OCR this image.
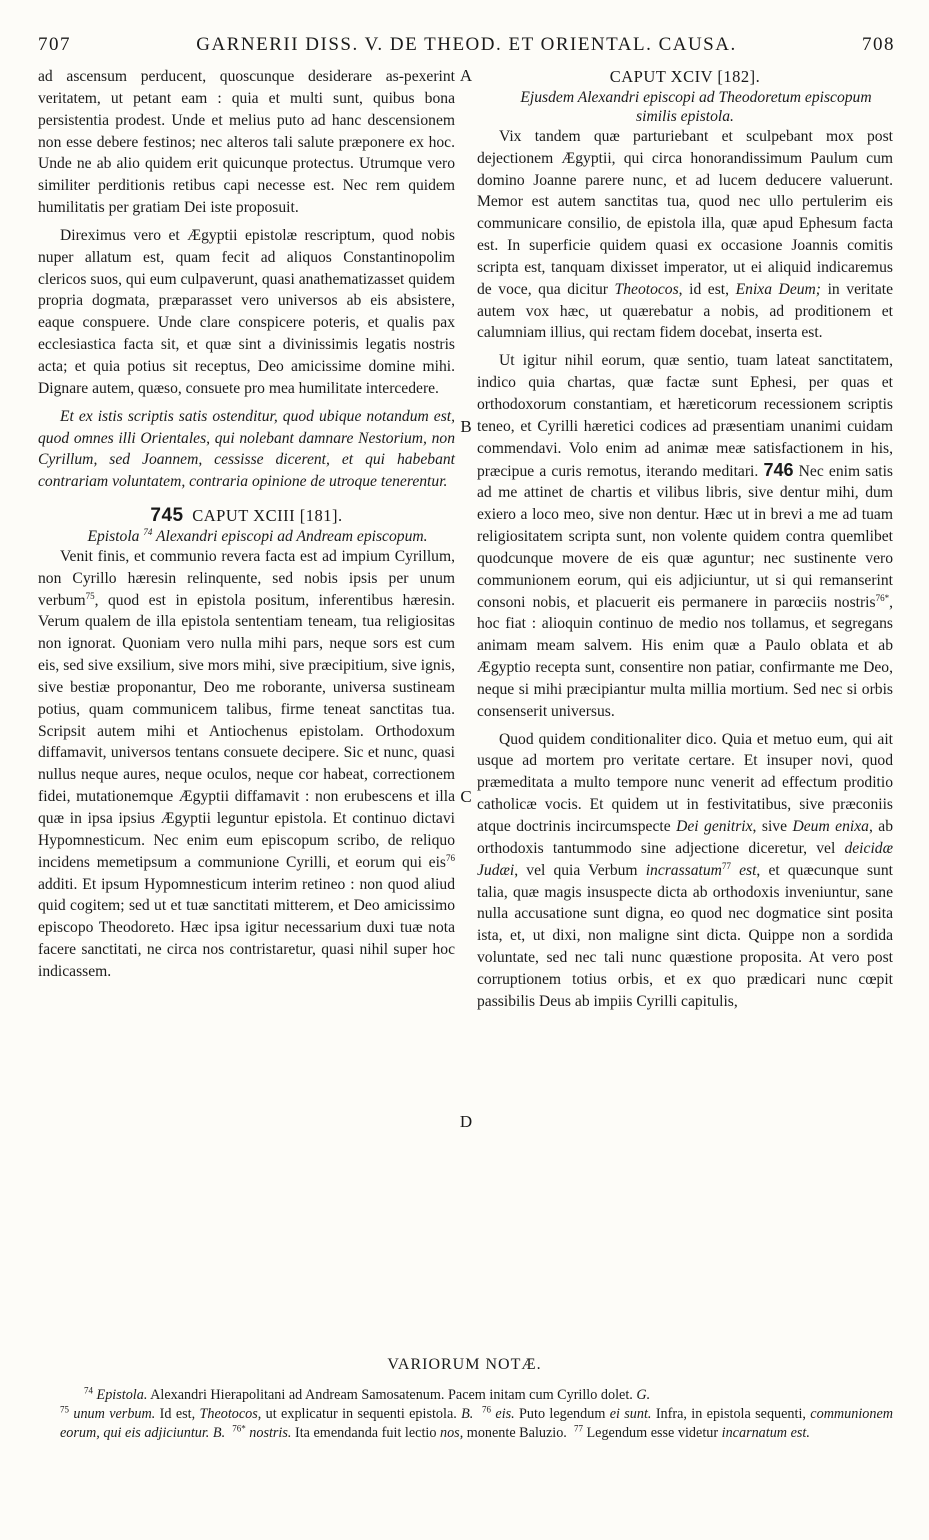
707	GARNERII DISS. V. DE THEOD. ET ORIENTAL. CAUSA.	708
A
B
C
D

ad ascensum perducent, quoscunque desiderare as-pexerint veritatem, ut petant eam : quia et multi sunt, quibus bona persistentia prodest. Unde et melius puto ad hanc descensionem non esse debere festinos; nec alteros tali salute præponere ex hoc. Unde ne ab alio quidem erit quicunque protectus. Utrumque vero similiter perditionis retibus capi necesse est. Nec rem quidem humilitatis per gratiam Dei iste proposuit.

Direximus vero et Ægyptii epistolæ rescriptum, quod nobis nuper allatum est, quam fecit ad aliquos Constantinopolim clericos suos, qui eum culpaverunt, quasi anathematizasset quidem propria dogmata, præparasset vero universos ab eis absistere, eaque conspuere. Unde clare conspicere poteris, et qualis pax ecclesiastica facta sit, et quæ sint a divinissimis legatis nostris acta; et quia potius sit receptus, Deo amicissime domine mihi. Dignare autem, quæso, consuete pro mea humilitate intercedere.

Et ex istis scriptis satis ostenditur, quod ubique notandum est, quod omnes illi Orientales, qui nolebant damnare Nestorium, non Cyrillum, sed Joannem, cessisse dicerent, et qui habebant contrariam voluntatem, contraria opinione de utroque tenerentur.

745 CAPUT XCIII [181].

Epistola $^{74}$ Alexandri episcopi ad Andream episcopum.

Venit finis, et communio revera facta est ad impium Cyrillum, non Cyrillo hæresin relinquente, sed nobis ipsis per unum verbum$^{75}$, quod est in epistola positum, inferentibus hæresin. Verum qualem de illa epistola sententiam teneam, tua religiositas non ignorat. Quoniam vero nulla mihi pars, neque sors est cum eis, sed sive exsilium, sive mors mihi, sive præcipitium, sive ignis, sive bestiæ proponantur, Deo me roborante, universa sustineam potius, quam communicem talibus, firme teneat sanctitas tua. Scripsit autem mihi et Antiochenus epistolam. Orthodoxum diffamavit, universos tentans consuete decipere. Sic et nunc, quasi nullus neque aures, neque oculos, neque cor habeat, correctionem fidei, mutationemque Ægyptii diffamavit : non erubescens et illa quæ in ipsa ipsius Ægyptii leguntur epistola. Et continuo dictavi Hypomnesticum. Nec enim eum episcopum scribo, de reliquo incidens memetipsum a communione Cyrilli, et eorum qui eis$^{76}$ additi. Et ipsum Hypomnesticum interim retineo : non quod aliud quid cogitem; sed ut et tuæ sanctitati mitterem, et Deo amicissimo episcopo Theodoreto. Hæc ipsa igitur necessarium duxi tuæ nota facere sanctitati, ne circa nos contristaretur, quasi nihil super hoc indicassem.

CAPUT XCIV [182].

Ejusdem Alexandri episcopi ad Theodoretum episcopum similis epistola.

Vix tandem quæ parturiebant et sculpebant mox post dejectionem Ægyptii, qui circa honorandissimum Paulum cum domino Joanne parere nunc, et ad lucem deducere valuerunt. Memor est autem sanctitas tua, quod nec ullo pertulerim eis communicare consilio, de epistola illa, quæ apud Ephesum facta est. In superficie quidem quasi ex occasione Joannis comitis scripta est, tanquam dixisset imperator, ut ei aliquid indicaremus de voce, qua dicitur Theotocos, id est, Enixa Deum; in veritate autem vox hæc, ut quærebatur a nobis, ad proditionem et calumniam illius, qui rectam fidem docebat, inserta est.

Ut igitur nihil eorum, quæ sentio, tuam lateat sanctitatem, indico quia chartas, quæ factæ sunt Ephesi, per quas et orthodoxorum constantiam, et hæreticorum recessionem scriptis teneo, et Cyrilli hæretici codices ad præsentiam unanimi cuidam commendavi. Volo enim ad animæ meæ satisfactionem in his, præcipue a curis remotus, iterando meditari. 746 Nec enim satis ad me attinet de chartis et vilibus libris, sive dentur mihi, dum exiero a loco meo, sive non dentur. Hæc ut in brevi a me ad tuam religiositatem scripta sunt, non volente quidem contra quemlibet quodcunque movere de eis quæ aguntur; nec sustinente vero communionem eorum, qui eis adjiciuntur, ut si qui remanserint consoni nobis, et placuerit eis permanere in parœciis nostris$^{76*}$, hoc fiat : alioquin continuo de medio nos tollamus, et segregans animam meam salvem. His enim quæ a Paulo oblata et ab Ægyptio recepta sunt, consentire non patiar, confirmante me Deo, neque si mihi præcipiantur multa millia mortium. Sed nec si orbis consenserit universus.

Quod quidem conditionaliter dico. Quia et metuo eum, qui ait usque ad mortem pro veritate certare. Et insuper novi, quod præmeditata a multo tempore nunc venerit ad effectum proditio catholicæ vocis. Et quidem ut in festivitatibus, sive præconiis atque doctrinis incircumspecte Dei genitrix, sive Deum enixa, ab orthodoxis tantummodo sine adjectione diceretur, vel deicidæ Judæi, vel quia Verbum incrassatum$^{77}$ est, et quæcunque sunt talia, quæ magis insuspecte dicta ab orthodoxis inveniuntur, sane nulla accusatione sunt digna, eo quod nec dogmatice sint posita ista, et, ut dixi, non maligne sint dicta. Quippe non a sordida voluntate, sed nec tali nunc quæstione proposita. At vero post corruptionem totius orbis, et ex quo prædicari nunc cœpit passibilis Deus ab impiis Cyrilli capitulis,

VARIORUM NOTÆ.

$^{74}$ Epistola. Alexandri Hierapolitani ad Andream Samosatenum. Pacem initam cum Cyrillo dolet. G.

$^{75}$ unum verbum. Id est, Theotocos, ut explicatur in sequenti epistola. B. $^{76}$ eis. Puto legendum ei sunt. Infra, in epistola sequenti, communionem eorum, qui eis adjiciuntur. B. $^{76*}$ nostris. Ita emendanda fuit lectio nos, monente Baluzio. $^{77}$ Legendum esse videtur incarnatum est.
